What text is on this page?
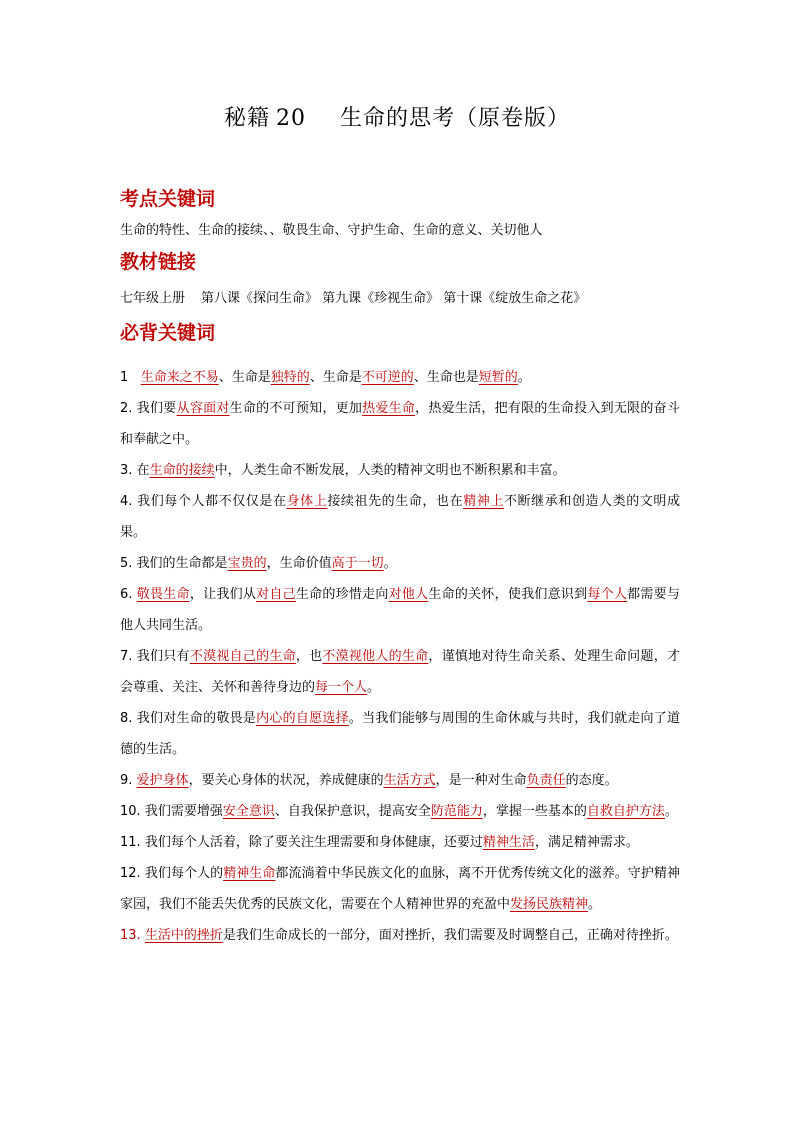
秘籍 20 生命的思考（原卷版）
考点关键词
生命的特性、生命的接续、、敬畏生命、守护生命、生命的意义、关切他人
教材链接
七年级上册 第八课《探问生命》 第九课《珍视生命》 第十课《绽放生命之花》
必背关键词

1 生命来之不易、生命是独特的、生命是不可逆的、生命也是短暂的。

2. 我们要从容面对生命的不可预知，更加热爱生命，热爱生活，把有限的生命投入到无限的奋斗和奉献之中。

3. 在生命的接续中，人类生命不断发展，人类的精神文明也不断积累和丰富。

4. 我们每个人都不仅仅是在身体上接续祖先的生命，也在精神上不断继承和创造人类的文明成果。

5. 我们的生命都是宝贵的，生命价值高于一切。

6. 敬畏生命，让我们从对自己生命的珍惜走向对他人生命的关怀，使我们意识到每个人都需要与他人共同生活。

7. 我们只有不漠视自己的生命，也不漠视他人的生命，谨慎地对待生命关系、处理生命问题，才会尊重、关注、关怀和善待身边的每一个人。

8. 我们对生命的敬畏是内心的自愿选择。当我们能够与周围的生命休戚与共时，我们就走向了道德的生活。

9. 爱护身体，要关心身体的状况，养成健康的生活方式，是一种对生命负责任的态度。

10. 我们需要增强安全意识、自我保护意识，提高安全防范能力，掌握一些基本的自救自护方法。

11. 我们每个人活着，除了要关注生理需要和身体健康，还要过精神生活，满足精神需求。

12. 我们每个人的精神生命都流淌着中华民族文化的血脉，离不开优秀传统文化的滋养。守护精神家园，我们不能丢失优秀的民族文化，需要在个人精神世界的充盈中发扬民族精神。

13. 生活中的挫折是我们生命成长的一部分，面对挫折，我们需要及时调整自己，正确对待挫折。
